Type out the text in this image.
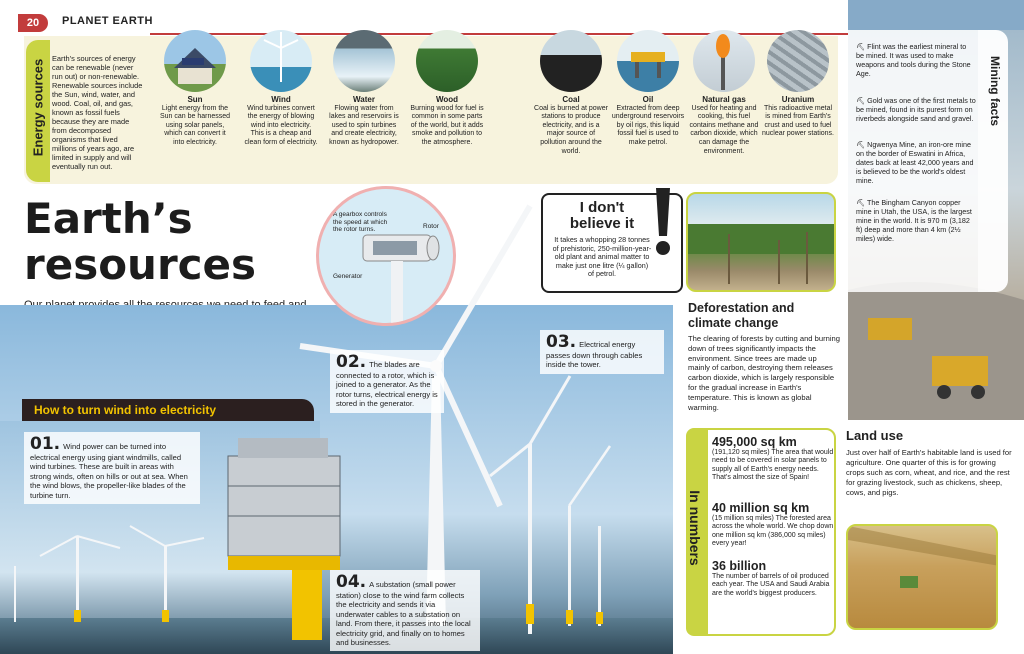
20	PLANET EARTH
Energy sources
Earth's sources of energy can be renewable (never run out) or non-renewable. Renewable sources include the Sun, wind, water, and wood. Coal, oil, and gas, known as fossil fuels because they are made from decomposed organisms that lived millions of years ago, are limited in supply and will eventually run out.
Sun
Light energy from the Sun can be harnessed using solar panels, which can convert it into electricity.
Wind
Wind turbines convert the energy of blowing wind into electricity. This is a cheap and clean form of electricity.
Water
Flowing water from lakes and reservoirs is used to spin turbines and create electricity, known as hydropower.
Wood
Burning wood for fuel is common in some parts of the world, but it adds smoke and pollution to the atmosphere.
Coal
Coal is burned at power stations to produce electricity, and is a major source of pollution around the world.
Oil
Extracted from deep underground reservoirs by oil rigs, this liquid fossil fuel is used to make petrol.
Natural gas
Used for heating and cooking, this fuel contains methane and carbon dioxide, which can damage the environment.
Uranium
This radioactive metal is mined from Earth's crust and used to fuel nuclear power stations.
Earth’s
resources
A gearbox controls the speed at which the rotor turns.	Rotor
Generator
How to turn wind into electricity
01. Wind power can be turned into electrical energy using giant windmills, called wind turbines. These are built in areas with strong winds, often on hills or out at sea. When the wind blows, the propeller-like blades of the turbine turn.
02. The blades are connected to a rotor, which is joined to a generator. As the rotor turns, electrical energy is stored in the generator.
03. Electrical energy passes down through cables inside the tower.
04. A substation (small power station) close to the wind farm collects the electricity and sends it via underwater cables to a substation on land. From there, it passes into the local electricity grid, and finally on to homes and businesses.
I don't believe it
It takes a whopping 28 tonnes of prehistoric, 250-million-year-old plant and animal matter to make just one litre (¼ gallon) of petrol.
Deforestation and climate change
The clearing of forests by cutting and burning down of trees significantly impacts the environment. Since trees are made up mainly of carbon, destroying them releases carbon dioxide, which is largely responsible for the gradual increase in Earth's temperature. This is known as global warming.
In numbers
495,000 sq km
(191,120 sq miles) The area that would need to be covered in solar panels to supply all of Earth's energy needs. That's almost the size of Spain!
40 million sq km
(15 million sq miles) The forested area across the whole world. We chop down one million sq km (386,000 sq miles) every year!
36 billion
The number of barrels of oil produced each year. The USA and Saudi Arabia are the world's biggest producers.
Mining facts
⛏ Flint was the earliest mineral to be mined. It was used to make weapons and tools during the Stone Age.
⛏ Gold was one of the first metals to be mined, found in its purest form on riverbeds alongside sand and gravel.
⛏ Ngwenya Mine, an iron-ore mine on the border of Eswatini in Africa, dates back at least 42,000 years and is believed to be the world's oldest mine.
⛏ The Bingham Canyon copper mine in Utah, the USA, is the largest mine in the world. It is 970 m (3,182 ft) deep and more than 4 km (2½ miles) wide.
Land use
Just over half of Earth's habitable land is used for agriculture. One quarter of this is for growing crops such as corn, wheat, and rice, and the rest for grazing livestock, such as chickens, sheep, cows, and pigs.
